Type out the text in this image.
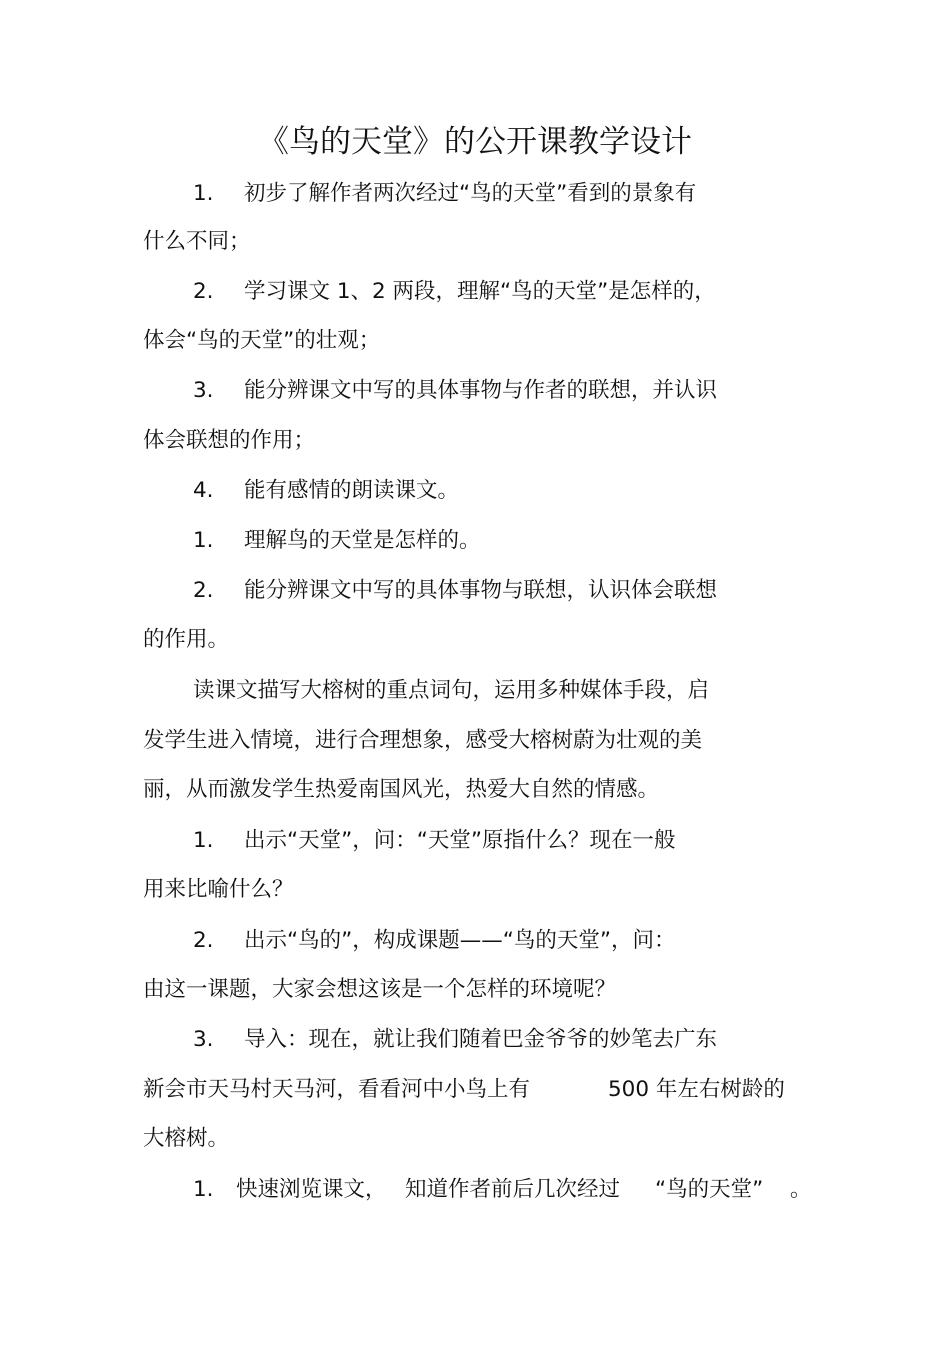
《鸟的天堂》的公开课教学设计
1. 初步了解作者两次经过“鸟的天堂”看到的景象有
什么不同；
2. 学习课文 1、2 两段，理解“鸟的天堂”是怎样的，
体会“鸟的天堂”的壮观；
3. 能分辨课文中写的具体事物与作者的联想，并认识
体会联想的作用；
4. 能有感情的朗读课文。
1. 理解鸟的天堂是怎样的。
2. 能分辨课文中写的具体事物与联想，认识体会联想
的作用。
读课文描写大榕树的重点词句，运用多种媒体手段，启
发学生进入情境，进行合理想象，感受大榕树蔚为壮观的美
丽，从而激发学生热爱南国风光，热爱大自然的情感。
1. 出示“天堂”，问：“天堂”原指什么？现在一般
用来比喻什么？
2. 出示“鸟的”，构成课题——“鸟的天堂”，问：
由这一课题，大家会想这该是一个怎样的环境呢？
3. 导入：现在，就让我们随着巴金爷爷的妙笔去广东
新会市天马村天马河，看看河中小鸟上有	500 年左右树龄的
大榕树。
1. 快速浏览课文， 知道作者前后几次经过 “鸟的天堂” 。
